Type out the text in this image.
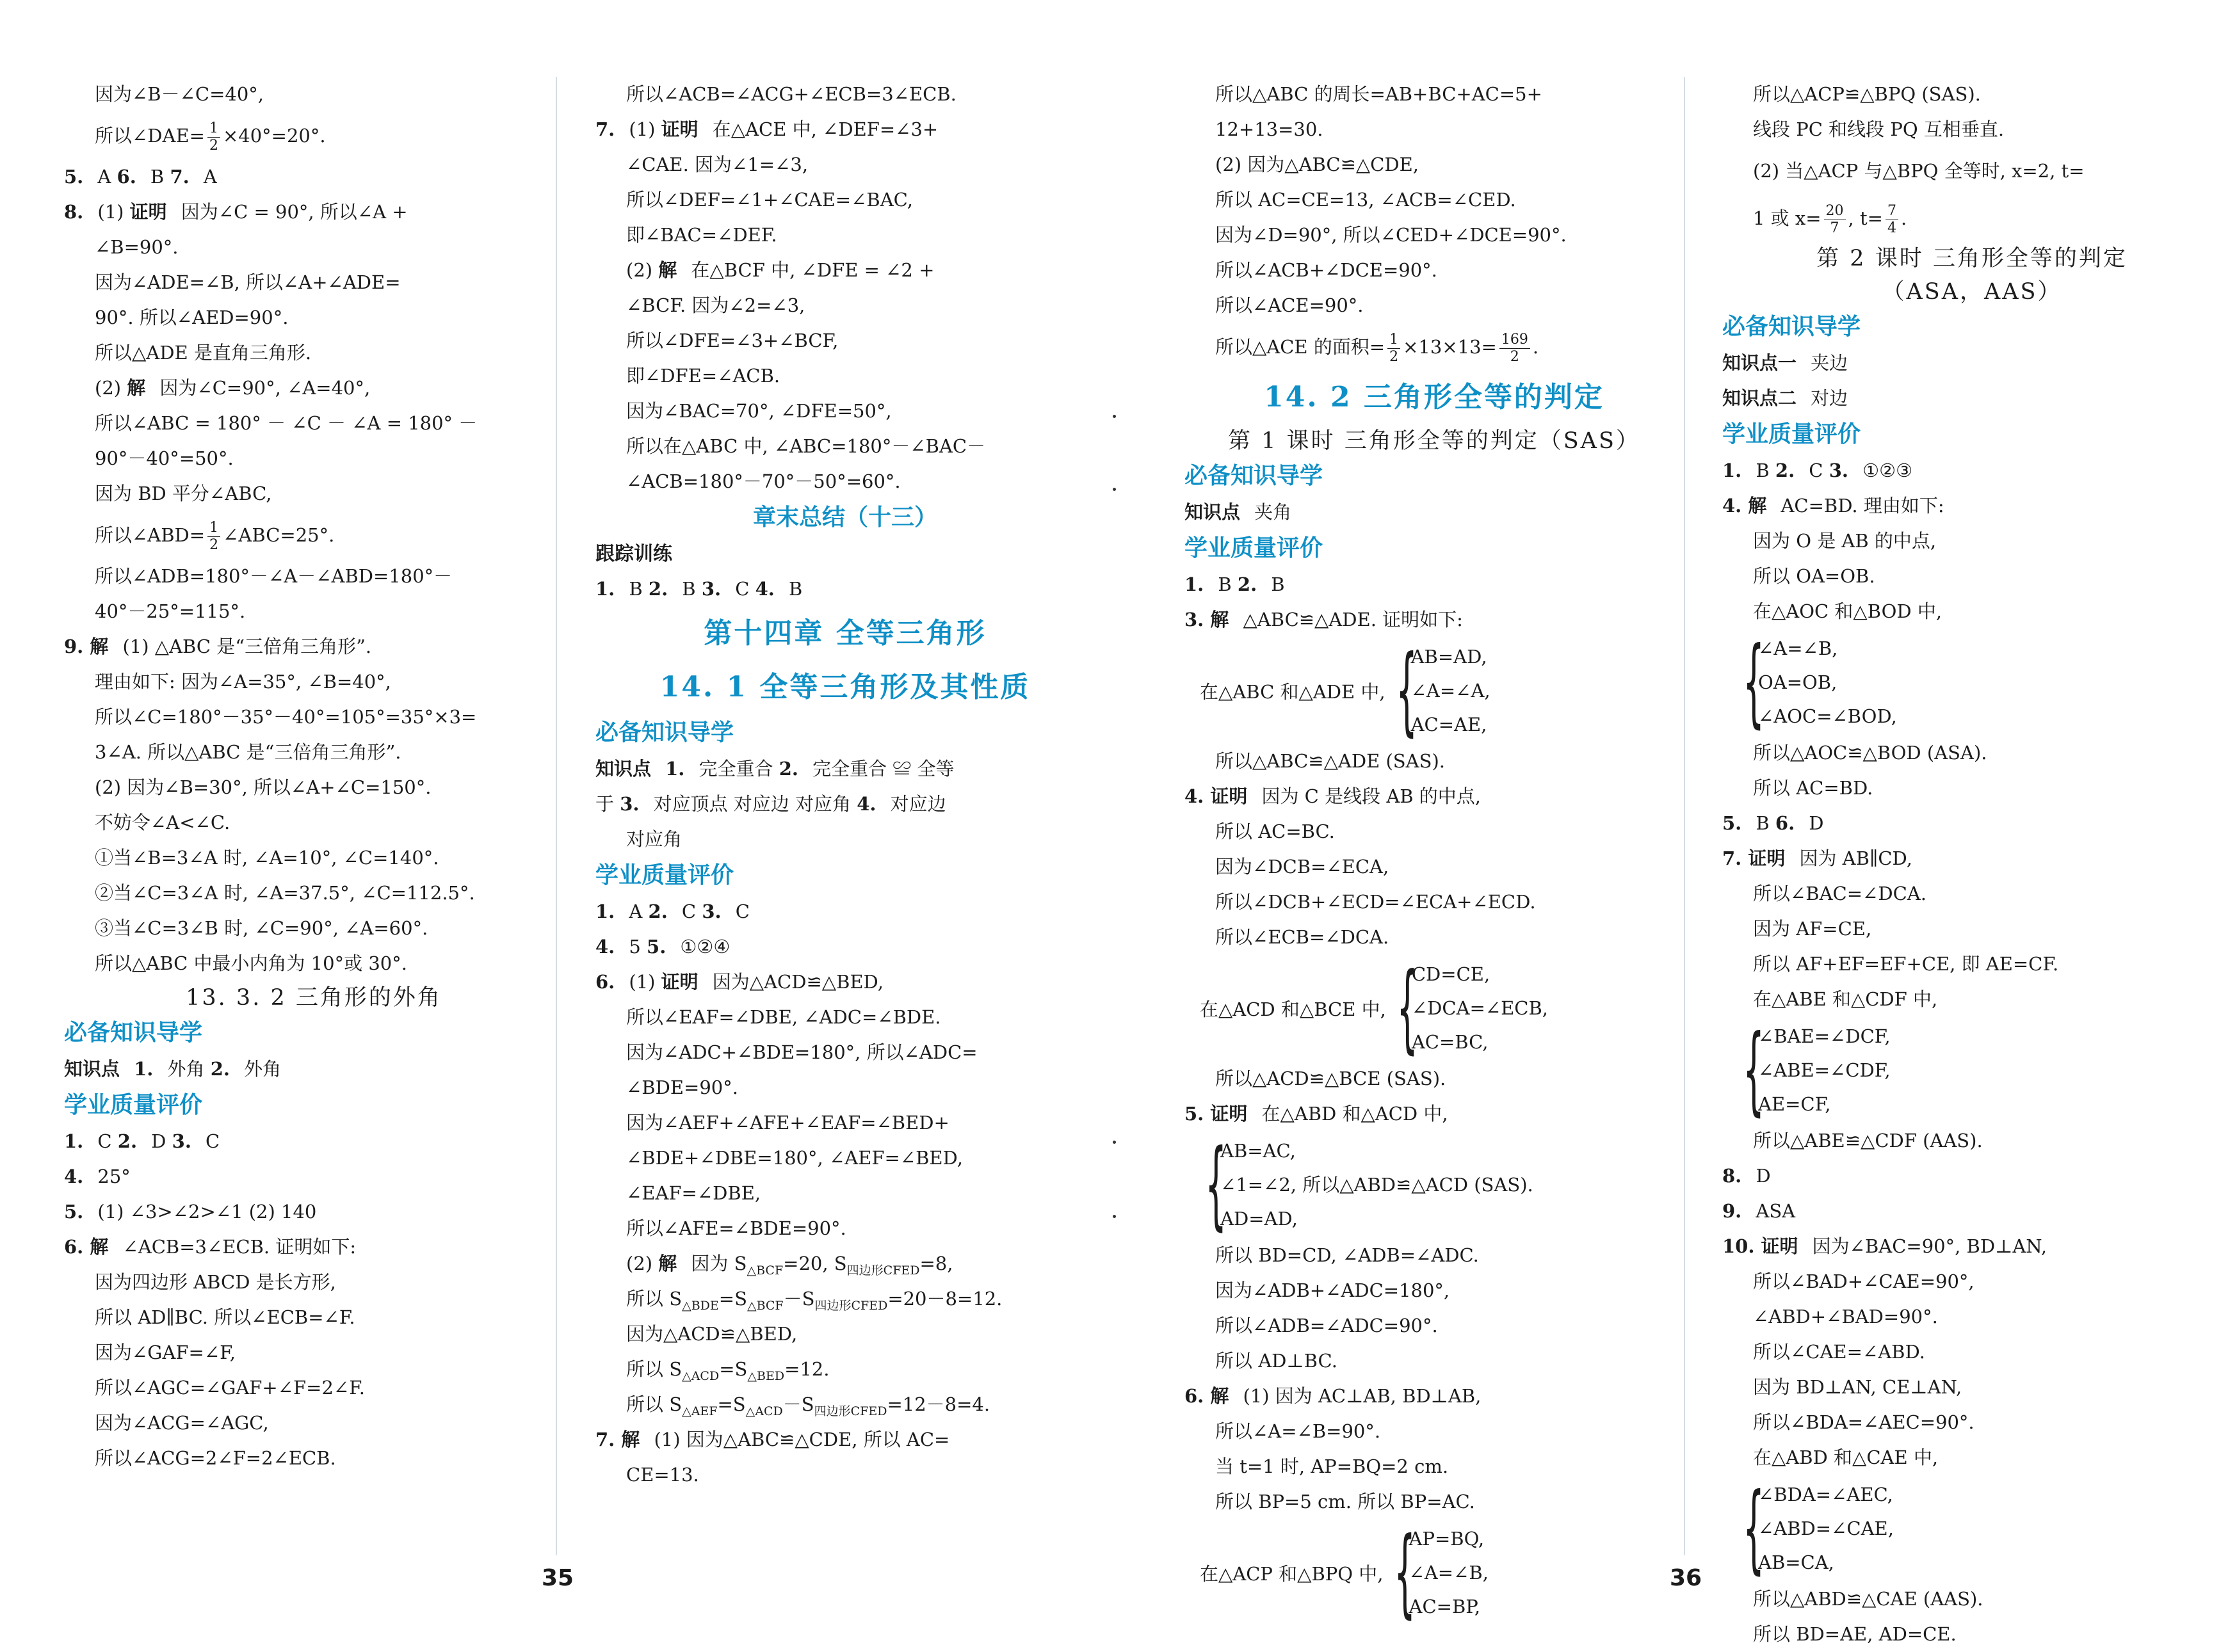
因为∠B－∠C=40°,
所以∠DAE= $\frac{1}{2} \times 40^\circ=20^\circ$.
5. A 6. B 7. A
8. (1) 证明 因为∠C = 90°, 所以∠A +
∠B=90°.
因为∠ADE=∠B, 所以∠A+∠ADE=
90°. 所以∠AED=90°.
所以△ADE 是直角三角形.
(2) 解 因为∠C=90°, ∠A=40°,
所以∠ABC = 180° － ∠C － ∠A = 180° －
90°－40°=50°.
因为 BD 平分∠ABC,
所以∠ABD= $\frac{1}{2}$ ∠ABC=25°.
所以∠ADB=180°－∠A－∠ABD=180°－
40°－25°=115°.
9. 解 (1) △ABC 是“三倍角三角形”.
理由如下: 因为∠A=35°, ∠B=40°,
所以∠C=180°－35°－40°=105°=35°×3=
3∠A. 所以△ABC 是“三倍角三角形”.
(2) 因为∠B=30°, 所以∠A+∠C=150°.
不妨令∠A<∠C.
①当∠B=3∠A 时, ∠A=10°, ∠C=140°.
②当∠C=3∠A 时, ∠A=37.5°, ∠C=112.5°.
③当∠C=3∠B 时, ∠C=90°, ∠A=60°.
所以△ABC 中最小内角为 10°或 30°.
13. 3. 2 三角形的外角
必备知识导学
知识点 1. 外角 2. 外角
学业质量评价
1. C 2. D 3. C
4. 25°
5. (1) ∠3>∠2>∠1 (2) 140
6. 解 ∠ACB=3∠ECB. 证明如下:
因为四边形 ABCD 是长方形,
所以 AD∥BC. 所以∠ECB=∠F.
因为∠GAF=∠F,
所以∠AGC=∠GAF+∠F=2∠F.
因为∠ACG=∠AGC,
所以∠ACG=2∠F=2∠ECB.
所以∠ACB=∠ACG+∠ECB=3∠ECB.
7. (1) 证明 在△ACE 中, ∠DEF=∠3+
∠CAE. 因为∠1=∠3,
所以∠DEF=∠1+∠CAE=∠BAC,
即∠BAC=∠DEF.
(2) 解 在△BCF 中, ∠DFE = ∠2 +
∠BCF. 因为∠2=∠3,
所以∠DFE=∠3+∠BCF,
即∠DFE=∠ACB.
因为∠BAC=70°, ∠DFE=50°,
所以在△ABC 中, ∠ABC=180°－∠BAC－
∠ACB=180°－70°－50°=60°.
章末总结（十三）
跟踪训练
1. B 2. B 3. C 4. B
第十四章 全等三角形
14. 1 全等三角形及其性质
必备知识导学
知识点 1. 完全重合 2. 完全重合 ≌ 全等
于 3. 对应顶点 对应边 对应角 4. 对应边
对应角
学业质量评价
1. A 2. C 3. C
4. 5 5. ①②④
6. (1) 证明 因为△ACD≌△BED,
所以∠EAF=∠DBE, ∠ADC=∠BDE.
因为∠ADC+∠BDE=180°, 所以∠ADC=
∠BDE=90°.
因为∠AEF+∠AFE+∠EAF=∠BED+
∠BDE+∠DBE=180°, ∠AEF=∠BED,
∠EAF=∠DBE,
所以∠AFE=∠BDE=90°.
(2) 解 因为 $S_{\triangle BCF}=20$, $S_{四边形CFED}=8$,
所以 $S_{\triangle BDE}=S_{\triangle BCF}-S_{四边形CFED}=20-8=12$.
因为△ACD≌△BED,
所以 $S_{\triangle ACD}=S_{\triangle BED}=12$.
所以 $S_{\triangle AEF}=S_{\triangle ACD}-S_{四边形CFED}=12-8=4$.
7. 解 (1) 因为△ABC≌△CDE, 所以 AC=
CE=13.
所以△ABC 的周长=AB+BC+AC=5+
12+13=30.
(2) 因为△ABC≌△CDE,
所以 AC=CE=13, ∠ACB=∠CED.
因为∠D=90°, 所以∠CED+∠DCE=90°.
所以∠ACB+∠DCE=90°.
所以∠ACE=90°.
所以△ACE 的面积= $\frac{1}{2} \times 13\times 13= \frac{169}{2}$ .
14. 2 三角形全等的判定
第 1 课时 三角形全等的判定（SAS）
必备知识导学
知识点 夹角
学业质量评价
1. B 2. B
3. 解 △ABC≌△ADE. 证明如下:
在△ABC 和△ADE 中, {
AB=AD,
∠A=∠A,
AC=AE,
所以△ABC≌△ADE (SAS).
4. 证明 因为 C 是线段 AB 的中点,
所以 AC=BC.
因为∠DCB=∠ECA,
所以∠DCB+∠ECD=∠ECA+∠ECD.
所以∠ECB=∠DCA.
在△ACD 和△BCE 中, {
CD=CE,
∠DCA=∠ECB,
AC=BC,
所以△ACD≌△BCE (SAS).
5. 证明 在△ABD 和△ACD 中,
{
AB=AC,
∠1=∠2, 所以△ABD≌△ACD (SAS).
AD=AD,
所以 BD=CD, ∠ADB=∠ADC.
因为∠ADB+∠ADC=180°,
所以∠ADB=∠ADC=90°.
所以 AD⊥BC.
6. 解 (1) 因为 AC⊥AB, BD⊥AB,
所以∠A=∠B=90°.
当 t=1 时, AP=BQ=2 cm.
所以 BP=5 cm. 所以 BP=AC.
在△ACP 和△BPQ 中, {
AP=BQ,
∠A=∠B,
AC=BP,
所以△ACP≌△BPQ (SAS).
线段 PC 和线段 PQ 互相垂直.
(2) 当△ACP 与△BPQ 全等时, x=2, t=
1 或 $x= \frac{20}{7}$ , $t= \frac{7}{4}$ .
第 2 课时 三角形全等的判定
（ASA，AAS）
必备知识导学
知识点一 夹边
知识点二 对边
学业质量评价
1. B 2. C 3. ①②③
4. 解 AC=BD. 理由如下:
因为 O 是 AB 的中点,
所以 OA=OB.
在△AOC 和△BOD 中,
{
∠A=∠B,
OA=OB,
∠AOC=∠BOD,
所以△AOC≌△BOD (ASA).
所以 AC=BD.
5. B 6. D
7. 证明 因为 AB∥CD,
所以∠BAC=∠DCA.
因为 AF=CE,
所以 AF+EF=EF+CE, 即 AE=CF.
在△ABE 和△CDF 中,
{
∠BAE=∠DCF,
∠ABE=∠CDF,
AE=CF,
所以△ABE≌△CDF (AAS).
8. D
9. ASA
10. 证明 因为∠BAC=90°, BD⊥AN,
所以∠BAD+∠CAE=90°,
∠ABD+∠BAD=90°.
所以∠CAE=∠ABD.
因为 BD⊥AN, CE⊥AN,
所以∠BDA=∠AEC=90°.
在△ABD 和△CAE 中,
{
∠BDA=∠AEC,
∠ABD=∠CAE,
AB=CA,
所以△ABD≌△CAE (AAS).
所以 BD=AE, AD=CE.
35	36
